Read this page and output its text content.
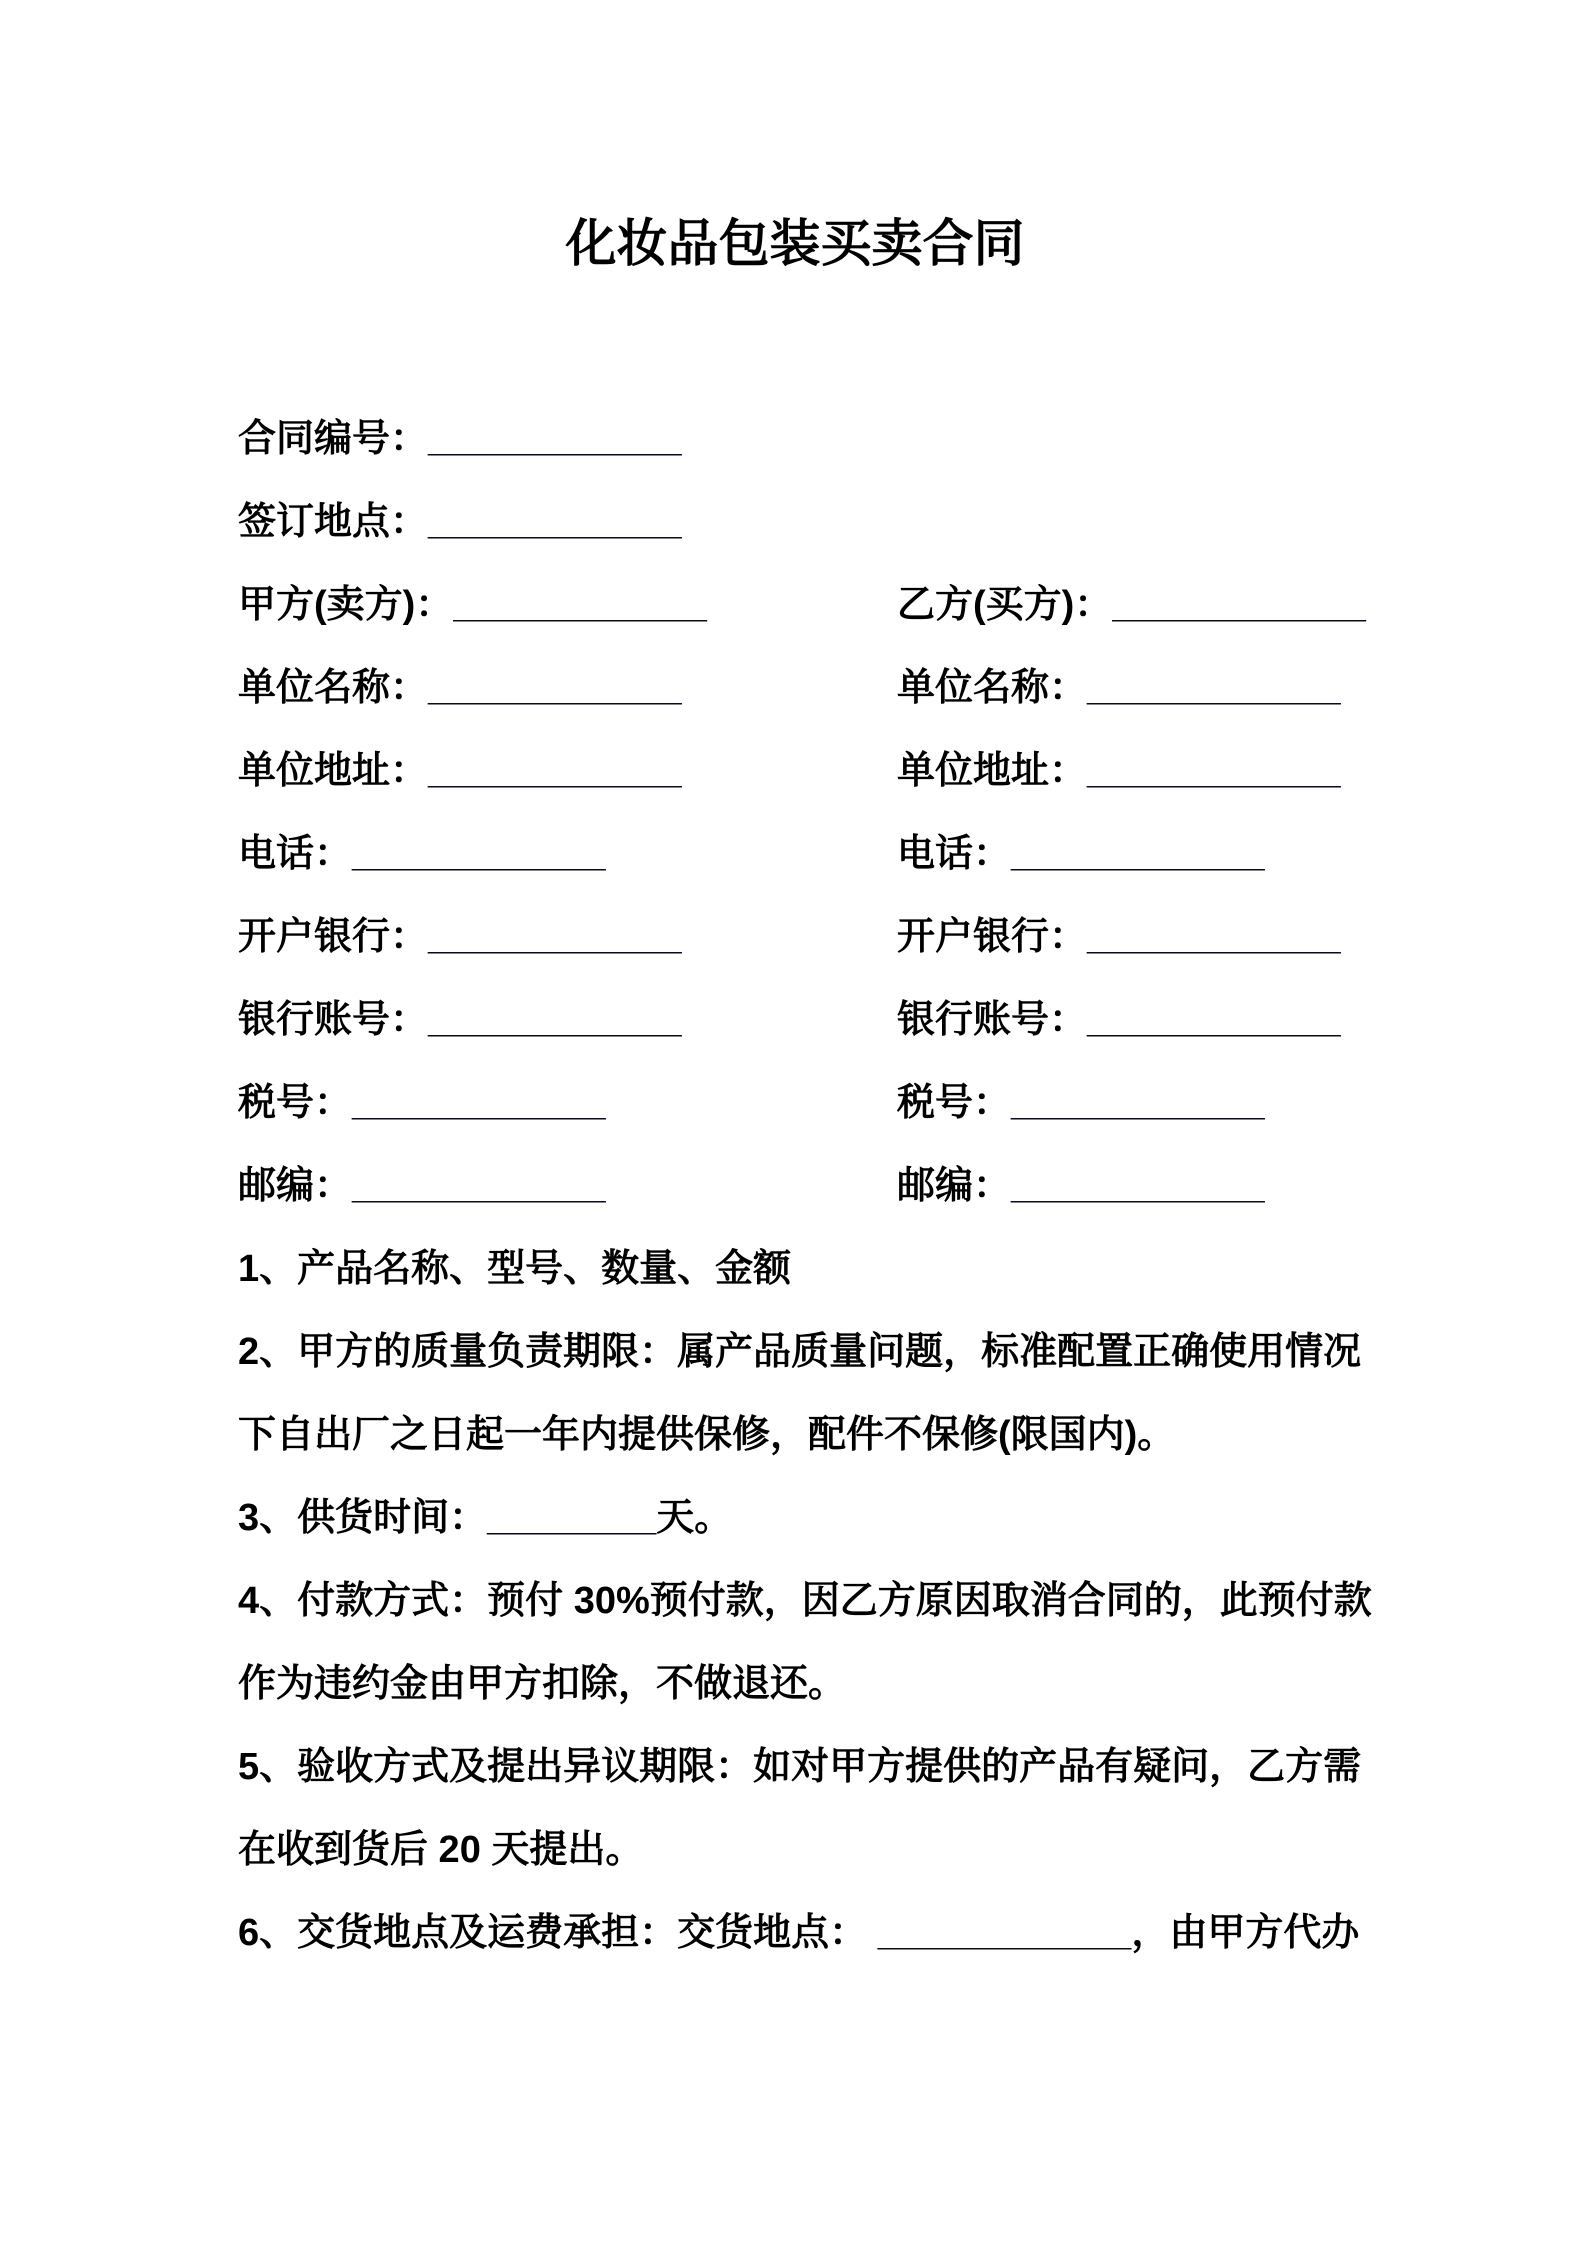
化妆品包装买卖合同
合同编号：____________
签订地点：____________
甲方(卖方)：____________	乙方(买方)：____________
单位名称：____________	单位名称：____________
单位地址：____________	单位地址：____________
电话：____________	电话：____________
开户银行：____________	开户银行：____________
银行账号：____________	银行账号：____________
税号：____________	税号：____________
邮编：____________	邮编：____________
1、产品名称、型号、数量、金额
2、甲方的质量负责期限：属产品质量问题，标准配置正确使用情况
下自出厂之日起一年内提供保修，配件不保修(限国内)。
3、供货时间：________天。
4、付款方式：预付 30%预付款，因乙方原因取消合同的，此预付款
作为违约金由甲方扣除，不做退还。
5、验收方式及提出异议期限：如对甲方提供的产品有疑问，乙方需
在收到货后 20 天提出。
6、交货地点及运费承担：交货地点： ____________，由甲方代办
